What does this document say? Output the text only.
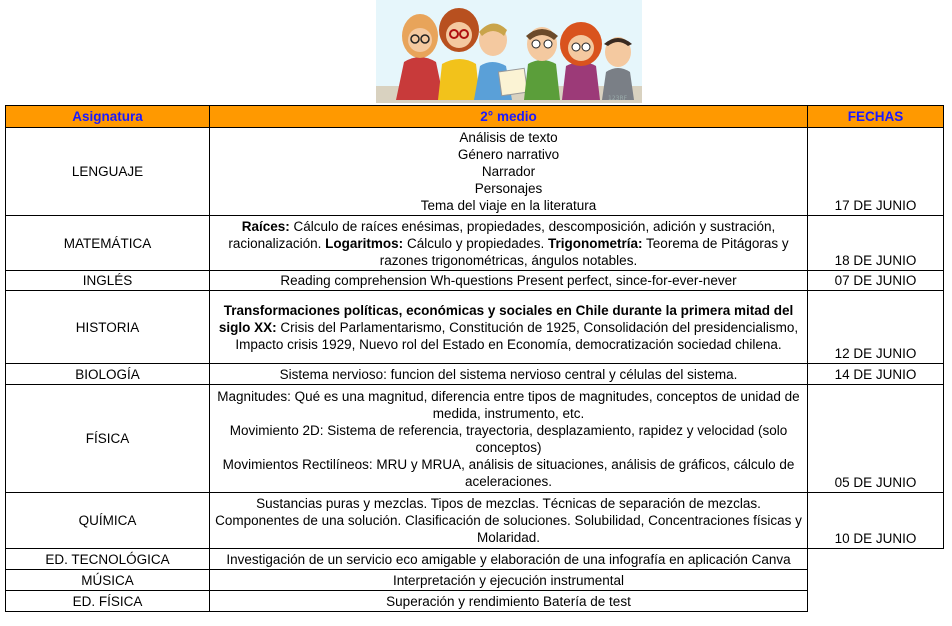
123RF
Asignatura	2° medio	FECHAS
LENGUAJE	Análisis de texto
Género narrativo
Narrador
Personajes
Tema del viaje en la literatura	17 DE JUNIO
MATEMÁTICA	Raíces: Cálculo de raíces enésimas, propiedades, descomposición, adición y sustración, racionalización. Logaritmos: Cálculo y propiedades. Trigonometría: Teorema de Pitágoras y razones trigonométricas, ángulos notables.	18 DE JUNIO
INGLÉS	Reading comprehension Wh-questions Present perfect, since-for-ever-never	07 DE JUNIO
HISTORIA	Transformaciones políticas, económicas y sociales en Chile durante la primera mitad del siglo XX: Crisis del Parlamentarismo, Constitución de 1925, Consolidación del presidencialismo, Impacto crisis 1929, Nuevo rol del Estado en Economía, democratización sociedad chilena.	12 DE JUNIO
BIOLOGÍA	Sistema nervioso: funcion del sistema nervioso central y células del sistema.	14 DE JUNIO
FÍSICA	Magnitudes: Qué es una magnitud, diferencia entre tipos de magnitudes, conceptos de unidad de medida, instrumento, etc.
Movimiento 2D: Sistema de referencia, trayectoria, desplazamiento, rapidez y velocidad (solo conceptos)
Movimientos Rectilíneos: MRU y MRUA, análisis de situaciones, análisis de gráficos, cálculo de aceleraciones.	05 DE JUNIO
QUÍMICA	Sustancias puras y mezclas. Tipos de mezclas. Técnicas de separación de mezclas. Componentes de una solución. Clasificación de soluciones. Solubilidad, Concentraciones físicas y Molaridad.	10 DE JUNIO
ED. TECNOLÓGICA	Investigación de un servicio eco amigable y elaboración de una infografía en aplicación Canva	
MÚSICA	Interpretación y ejecución instrumental	
ED. FÍSICA	Superación y rendimiento Batería de test	
